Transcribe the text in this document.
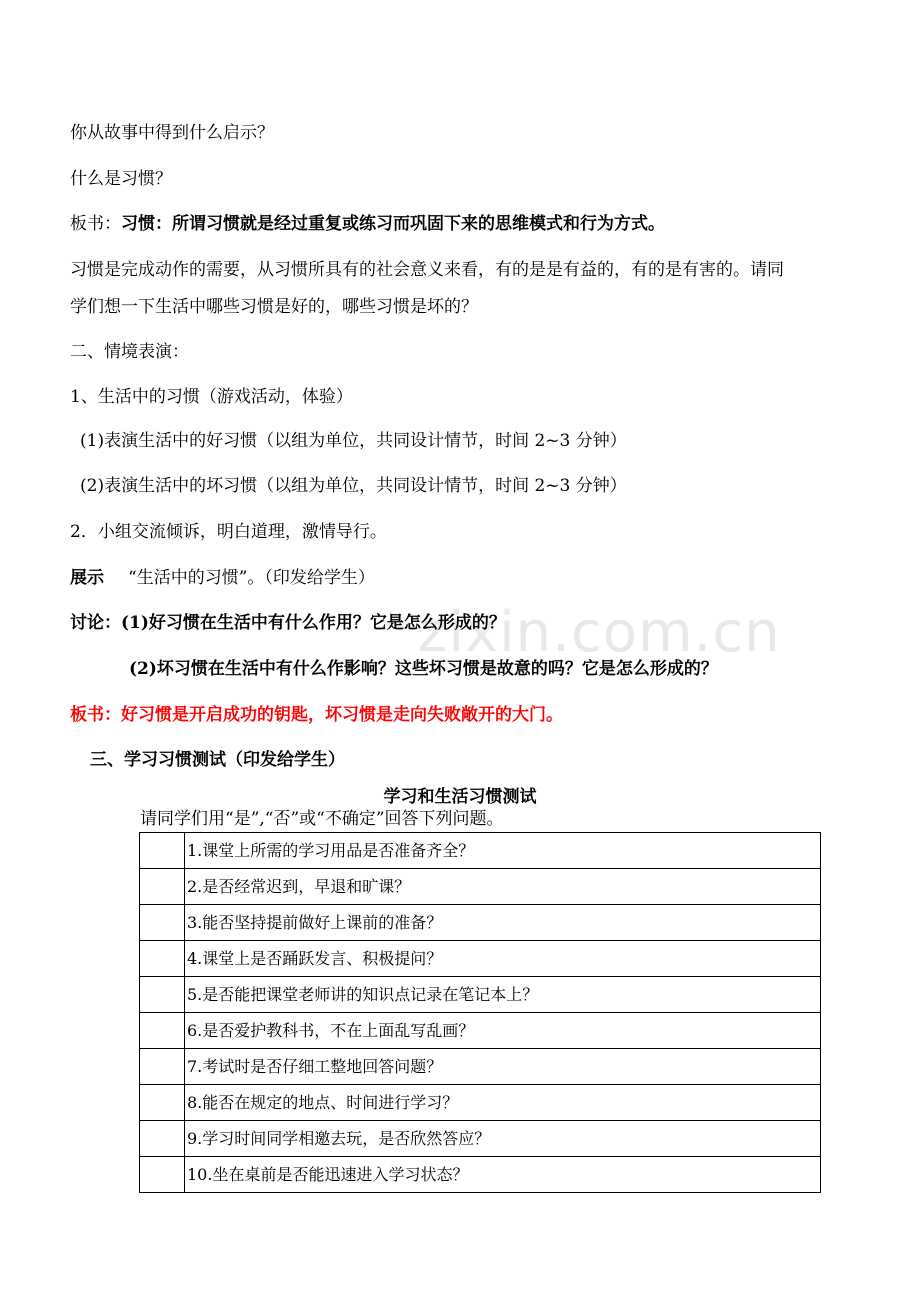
zixin.com.cn
你从故事中得到什么启示？
什么是习惯？
板书：习惯：所谓习惯就是经过重复或练习而巩固下来的思维模式和行为方式。
习惯是完成动作的需要，从习惯所具有的社会意义来看，有的是是有益的，有的是有害的。请同
学们想一下生活中哪些习惯是好的，哪些习惯是坏的？
二、情境表演：
1、生活中的习惯（游戏活动，体验）
(1)表演生活中的好习惯（以组为单位，共同设计情节，时间 2~3 分钟）
(2)表演生活中的坏习惯（以组为单位，共同设计情节，时间 2~3 分钟）
2．小组交流倾诉，明白道理，激情导行。
展示 “生活中的习惯”。（印发给学生）
讨论：(1)好习惯在生活中有什么作用？它是怎么形成的？
(2)坏习惯在生活中有什么作影响？这些坏习惯是故意的吗？它是怎么形成的？
板书：好习惯是开启成功的钥匙，坏习惯是走向失败敞开的大门。
三、学习习惯测试（印发给学生）
学习和生活习惯测试
请同学们用“是”,“否”或“不确定”回答下列问题。
	1.课堂上所需的学习用品是否准备齐全？
	2.是否经常迟到，早退和旷课？
	3.能否坚持提前做好上课前的准备？
	4.课堂上是否踊跃发言、积极提问？
	5.是否能把课堂老师讲的知识点记录在笔记本上？
	6.是否爱护教科书，不在上面乱写乱画？
	7.考试时是否仔细工整地回答问题？
	8.能否在规定的地点、时间进行学习？
	9.学习时间同学相邀去玩，是否欣然答应？
	10.坐在桌前是否能迅速进入学习状态？
